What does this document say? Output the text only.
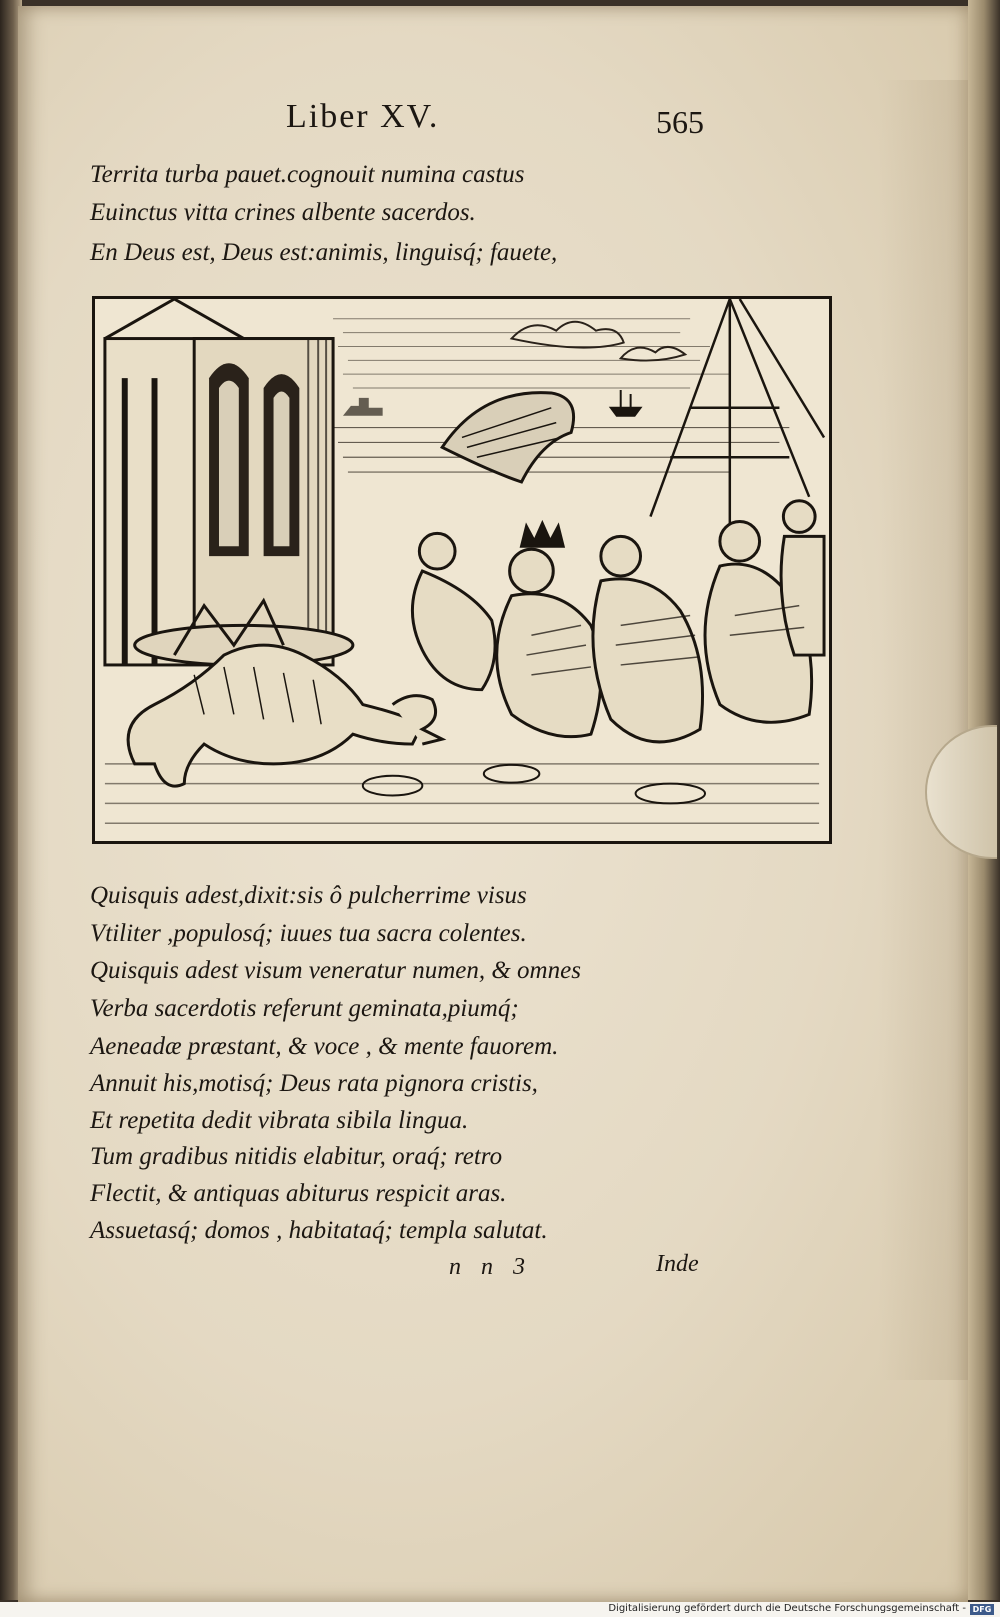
Liber XV.	565
Territa turba pauet.cognouit numina castus
Euinctus vitta crines albente sacerdos.
En Deus est, Deus est:animis, linguisq́; fauete,
Quisquis adest,dixit:sis ô pulcherrime visus
Vtiliter ,populosq́; iuues tua sacra colentes.
Quisquis adest visum veneratur numen, & omnes
Verba sacerdotis referunt geminata,piumq́;
Aeneadæ præstant, & voce , & mente fauorem.
Annuit his,motisq́; Deus rata pignora cristis,
Et repetita dedit vibrata sibila lingua.
Tum gradibus nitidis elabitur, oraq́; retro
Flectit, & antiquas abiturus respicit aras.
Assuetasq́; domos , habitataq́; templa salutat.
n n 3	Inde
Digitalisierung gefördert durch die Deutsche Forschungsgemeinschaft - DFG
